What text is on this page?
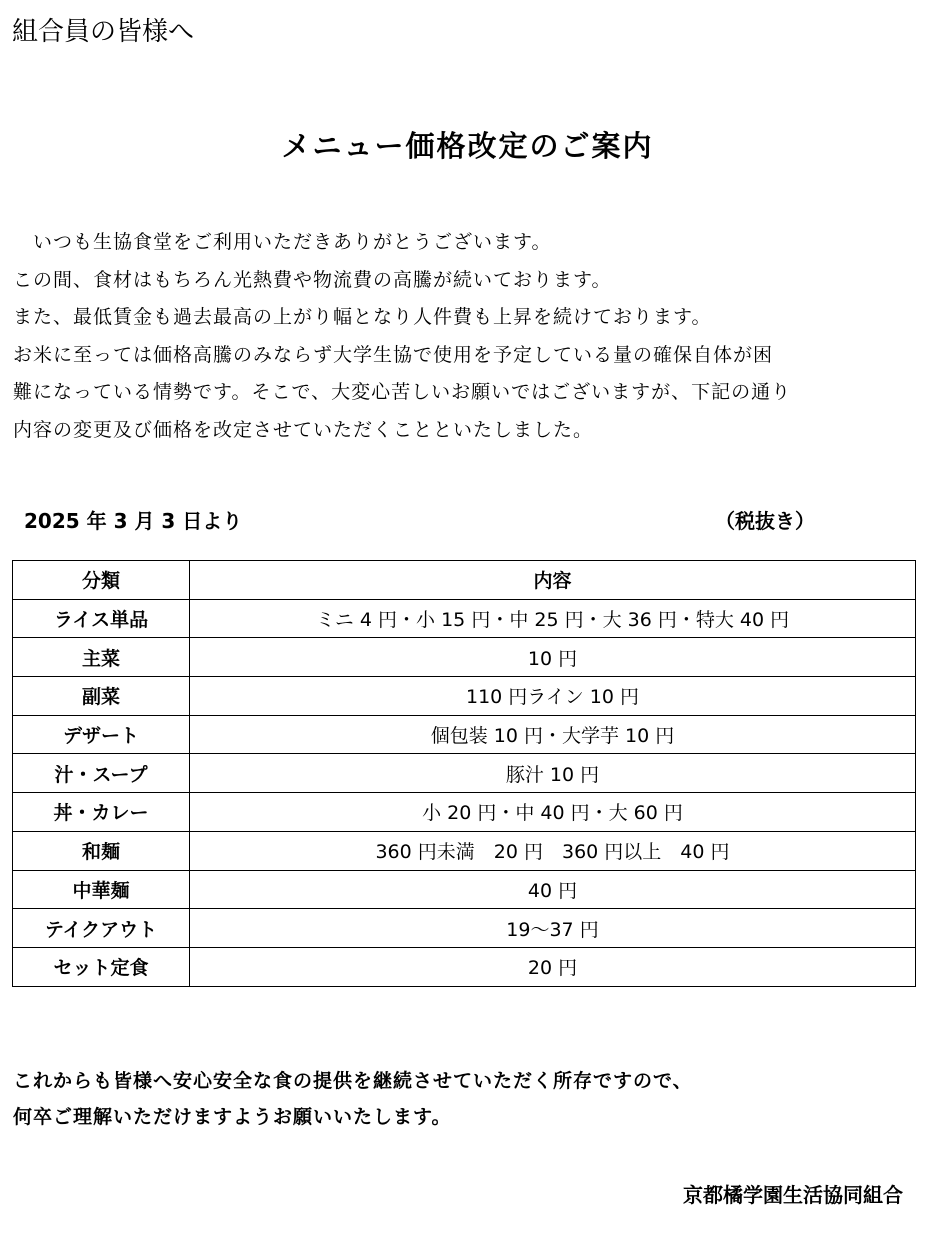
組合員の皆様へ
メニュー価格改定のご案内
　いつも生協食堂をご利用いただきありがとうございます。
この間、食材はもちろん光熱費や物流費の高騰が続いております。
また、最低賃金も過去最高の上がり幅となり人件費も上昇を続けております。
お米に至っては価格高騰のみならず大学生協で使用を予定している量の確保自体が困
難になっている情勢です。そこで、大変心苦しいお願いではございますが、下記の通り
内容の変更及び価格を改定させていただくことといたしました。
2025 年 3 月 3 日より	（税抜き）
分類	内容
ライス単品	ミニ 4 円・小 15 円・中 25 円・大 36 円・特大 40 円
主菜	10 円
副菜	110 円ライン 10 円
デザート	個包装 10 円・大学芋 10 円
汁・スープ	豚汁 10 円
丼・カレー	小 20 円・中 40 円・大 60 円
和麺	360 円未満　20 円　360 円以上　40 円
中華麺	40 円
テイクアウト	19～37 円
セット定食	20 円
これからも皆様へ安心安全な食の提供を継続させていただく所存ですので、
何卒ご理解いただけますようお願いいたします。
京都橘学園生活協同組合
